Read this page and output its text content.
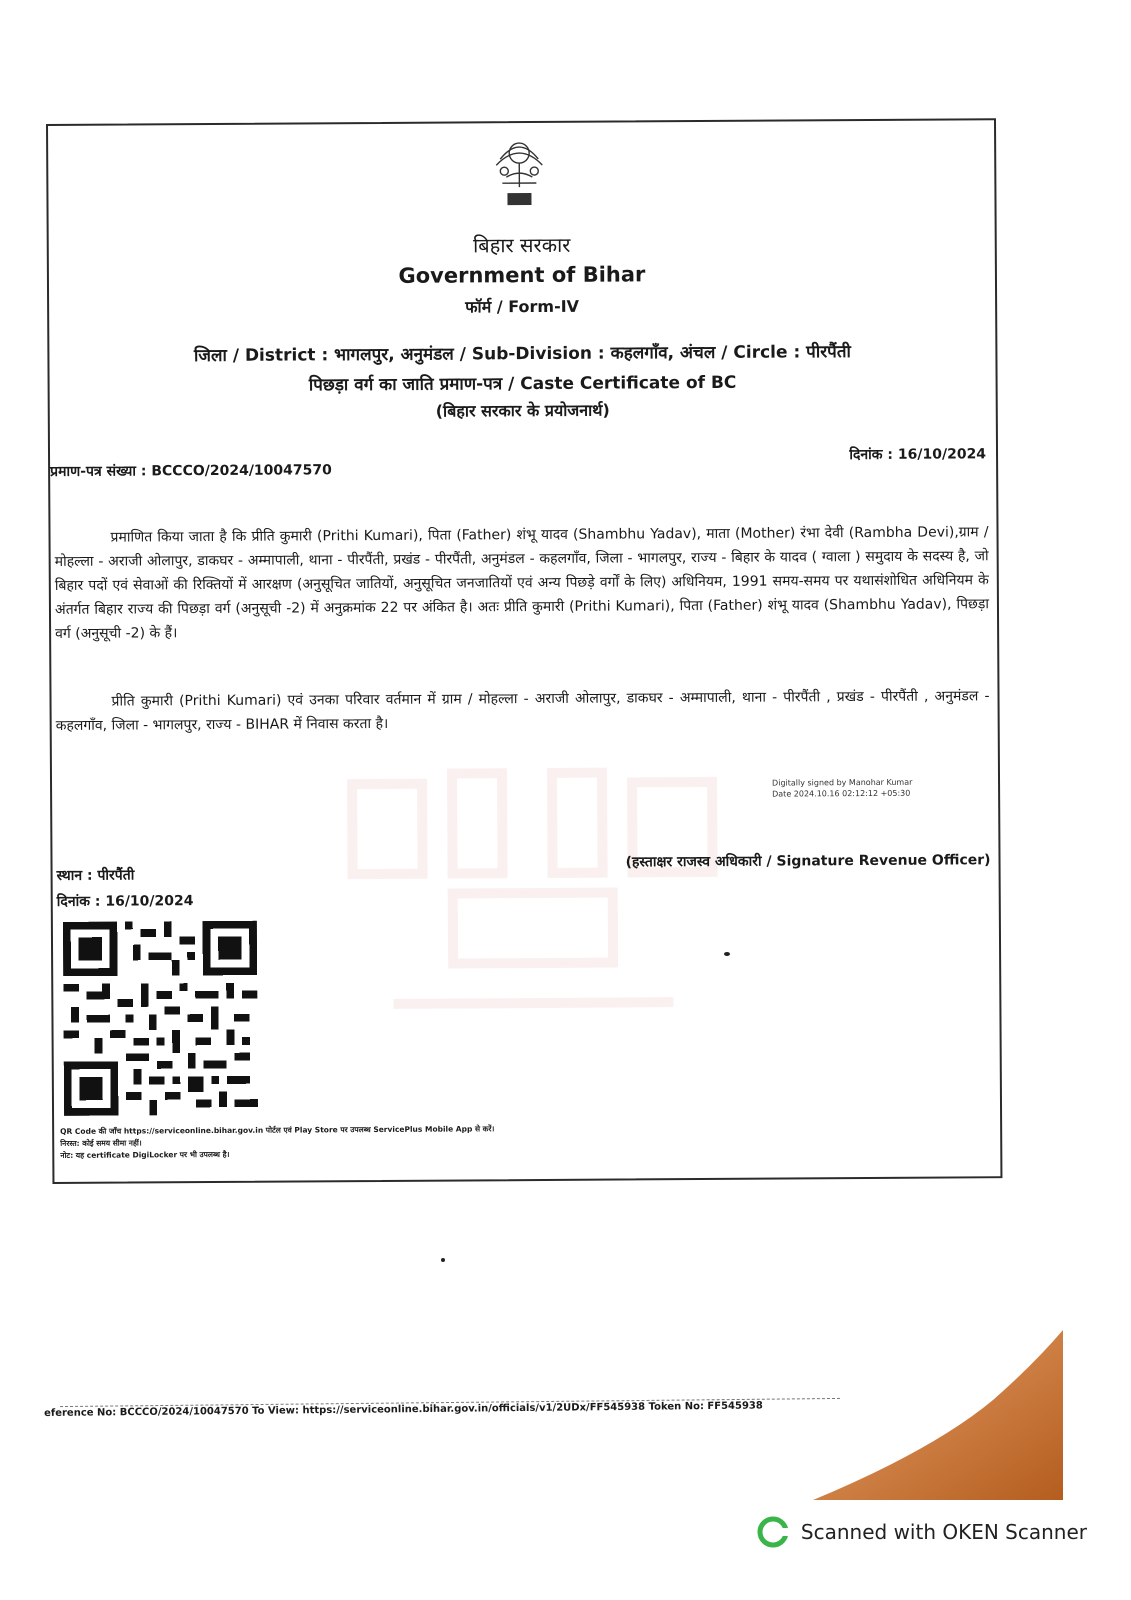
बिहार सरकार
Government of Bihar
फॉर्म / Form-IV
जिला / District : भागलपुर, अनुमंडल / Sub-Division : कहलगाँव, अंचल / Circle : पीरपैंती
पिछड़ा वर्ग का जाति प्रमाण-पत्र / Caste Certificate of BC
(बिहार सरकार के प्रयोजनार्थ)
प्रमाण-पत्र संख्या : BCCCO/2024/10047570
दिनांक : 16/10/2024
प्रमाणित किया जाता है कि प्रीति कुमारी (Prithi Kumari), पिता (Father) शंभू यादव (Shambhu Yadav), माता (Mother) रंभा देवी (Rambha Devi),ग्राम / मोहल्ला - अराजी ओलापुर, डाकघर - अम्मापाली, थाना - पीरपैंती, प्रखंड - पीरपैंती, अनुमंडल - कहलगाँव, जिला - भागलपुर, राज्य - बिहार के यादव ( ग्वाला ) समुदाय के सदस्य है, जो बिहार पदों एवं सेवाओं की रिक्तियों में आरक्षण (अनुसूचित जातियों, अनुसूचित जनजातियों एवं अन्य पिछड़े वर्गों के लिए) अधिनियम, 1991 समय-समय पर यथासंशोधित अधिनियम के अंतर्गत बिहार राज्य की पिछड़ा वर्ग (अनुसूची -2) में अनुक्रमांक 22 पर अंकित है। अतः प्रीति कुमारी (Prithi Kumari), पिता (Father) शंभू यादव (Shambhu Yadav), पिछड़ा वर्ग (अनुसूची -2) के हैं।
प्रीति कुमारी (Prithi Kumari) एवं उनका परिवार वर्तमान में ग्राम / मोहल्ला - अराजी ओलापुर, डाकघर - अम्मापाली, थाना - पीरपैंती , प्रखंड - पीरपैंती , अनुमंडल - कहलगाँव, जिला - भागलपुर, राज्य - BIHAR में निवास करता है।
Digitally signed by Manohar Kumar
Date 2024.10.16 02:12:12 +05:30
स्थान : पीरपैंती
दिनांक : 16/10/2024
(हस्ताक्षर राजस्व अधिकारी / Signature Revenue Officer)
QR Code की जाँच https://serviceonline.bihar.gov.in पोर्टल एवं Play Store पर उपलब्ध ServicePlus Mobile App से करें।
निरस्त: कोई समय सीमा नहीं।
नोट: यह certificate DigiLocker पर भी उपलब्ध है।
eference No: BCCCO/2024/10047570 To View: https://serviceonline.bihar.gov.in/officials/v1/2UDx/FF545938 Token No: FF545938
Scanned with OKEN Scanner
